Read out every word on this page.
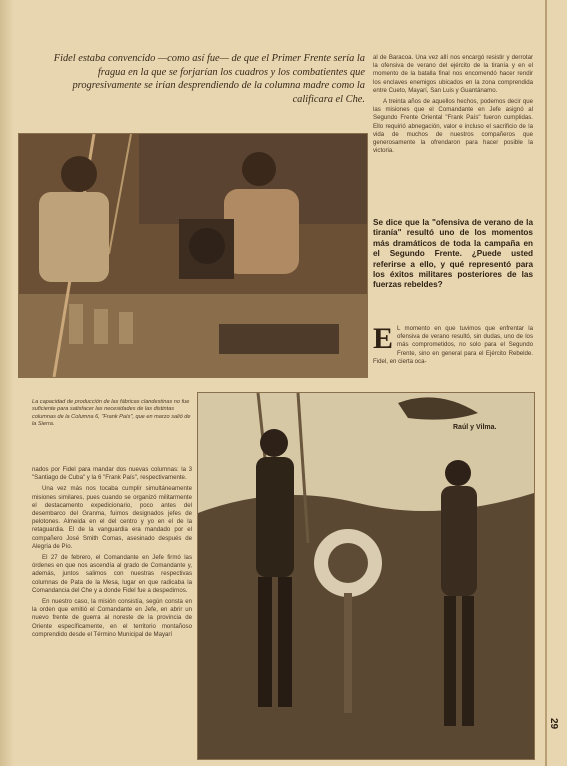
Fidel estaba convencido —como así fue— de que el Primer Frente sería la fragua en la que se forjarían los cuadros y los combatientes que progresivamente se irían desprendiendo de la columna madre como la calificara el Che.

al de Baracoa. Una vez allí nos encargó resistir y derrotar la ofensiva de verano del ejército de la tiranía y en el momento de la batalla final nos encomendó hacer rendir los enclaves enemigos ubicados en la zona comprendida entre Cueto, Mayarí, San Luis y Guantánamo.

A treinta años de aquellos hechos, podemos decir que las misiones que el Comandante en Jefe asignó al Segundo Frente Oriental "Frank País" fueron cumplidas. Ello requirió abnegación, valor e incluso el sacrificio de la vida de muchos de nuestros compañeros que generosamente la ofrendaron para hacer posible la victoria.

Se dice que la "ofensiva de verano de la tiranía" resultó uno de los momentos más dramáticos de toda la campaña en el Segundo Frente. ¿Puede usted referirse a ello, y qué representó para los éxitos militares posteriores de las fuerzas rebeldes?
E L momento en que tuvimos que enfrentar la ofensiva de verano resultó, sin dudas, uno de los más comprometidos, no solo para el Segundo Frente, sino en general para el Ejército Rebelde. Fidel, en cierta oca-
La capacidad de producción de las fábricas clandestinas no fue suficiente para satisfacer las necesidades de las distintas columnas de la Columna 6, "Frank País", que en marzo salió de la Sierra.	Raúl y Vilma.

nados por Fidel para mandar dos nuevas columnas: la 3 "Santiago de Cuba" y la 6 "Frank País", respectivamente.

Una vez más nos tocaba cumplir simultáneamente misiones similares, pues cuando se organizó militarmente el destacamento expedicionario, poco antes del desembarco del Granma, fuimos designados jefes de pelotones. Almeida en el del centro y yo en el de la retaguardia. El de la vanguardia era mandado por el compañero José Smith Comas, asesinado después de Alegría de Pío.

El 27 de febrero, el Comandante en Jefe firmó las órdenes en que nos ascendía al grado de Comandante y, además, juntos salimos con nuestras respectivas columnas de Pata de la Mesa, lugar en que radicaba la Comandancia del Che y a donde Fidel fue a despedirnos.

En nuestro caso, la misión consistía, según consta en la orden que emitió el Comandante en Jefe, en abrir un nuevo frente de guerra al noreste de la provincia de Oriente específicamente, en el territorio montañoso comprendido desde el Término Municipal de Mayarí

29
